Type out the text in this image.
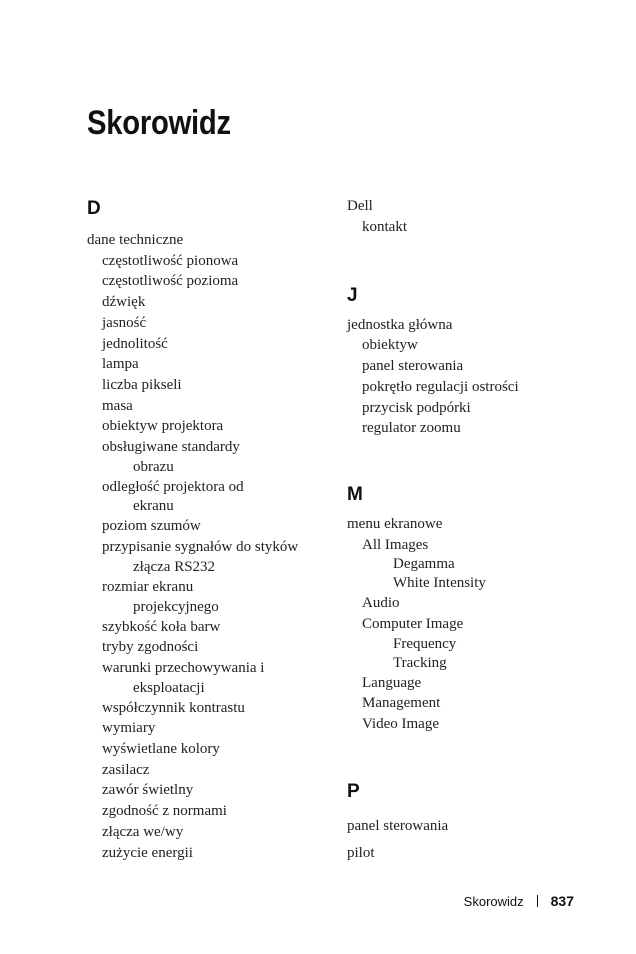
Skorowidz
D
dane techniczne
częstotliwość pionowa
częstotliwość pozioma
dźwięk
jasność
jednolitość
lampa
liczba pikseli
masa
obiektyw projektora
obsługiwane standardy
obrazu
odległość projektora od
ekranu
poziom szumów
przypisanie sygnałów do styków
złącza RS232
rozmiar ekranu
projekcyjnego
szybkość koła barw
tryby zgodności
warunki przechowywania i
eksploatacji
współczynnik kontrastu
wymiary
wyświetlane kolory
zasilacz
zawór świetlny
zgodność z normami
złącza we/wy
zużycie energii
Dell
kontakt
J
jednostka główna
obiektyw
panel sterowania
pokrętło regulacji ostrości
przycisk podpórki
regulator zoomu
M
menu ekranowe
All Images
Degamma
White Intensity
Audio
Computer Image
Frequency
Tracking
Language
Management
Video Image
P
panel sterowania
pilot
Skorowidz 837
